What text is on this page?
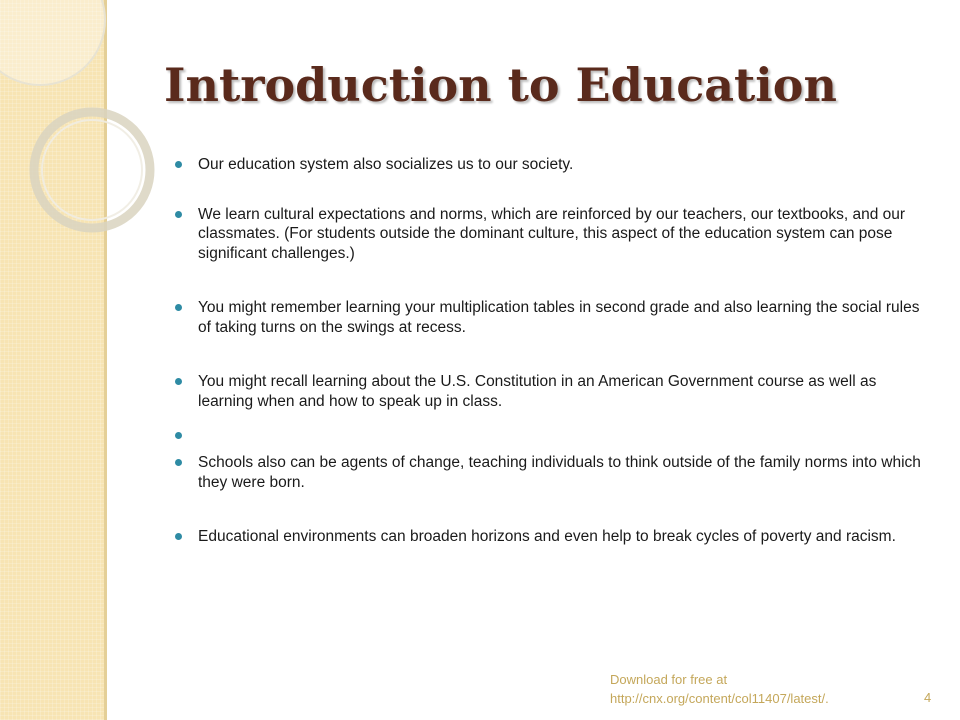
Introduction to Education
Our education system also socializes us to our society.
We learn cultural expectations and norms, which are reinforced by our teachers, our textbooks, and our classmates. (For students outside the dominant culture, this aspect of the education system can pose significant challenges.)
You might remember learning your multiplication tables in second grade and also learning the social rules of taking turns on the swings at recess.
You might recall learning about the U.S. Constitution in an American Government course as well as learning when and how to speak up in class.
Schools also can be agents of change, teaching individuals to think outside of the family norms into which they were born.
Educational environments can broaden horizons and even help to break cycles of poverty and racism.
Download for free at
http://cnx.org/content/col11407/latest/.	4
